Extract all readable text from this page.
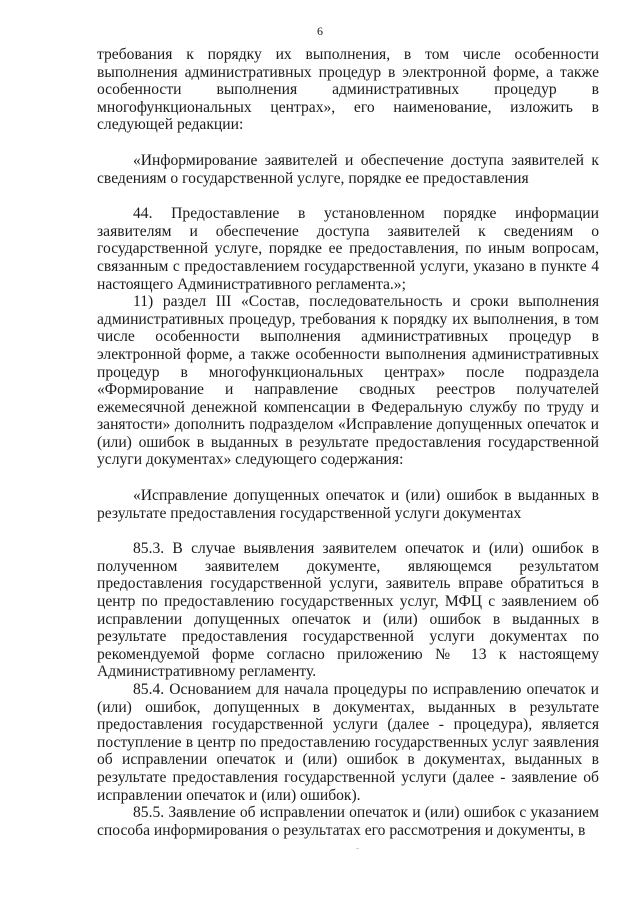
6

требования к порядку их выполнения, в том числе особенности выполнения административных процедур в электронной форме, а также особенности выполнения административных процедур в многофункциональных центрах», его наименование, изложить в следующей редакции:

«Информирование заявителей и обеспечение доступа заявителей к сведениям о государственной услуге, порядке ее предоставления

44. Предоставление в установленном порядке информации заявителям и обеспечение доступа заявителей к сведениям о государственной услуге, порядке ее предоставления, по иным вопросам, связанным с предоставлением государственной услуги, указано в пункте 4 настоящего Административного регламента.»;

11) раздел III «Состав, последовательность и сроки выполнения административных процедур, требования к порядку их выполнения, в том числе особенности выполнения административных процедур в электронной форме, а также особенности выполнения административных процедур в многофункциональных центрах» после подраздела «Формирование и направление сводных реестров получателей ежемесячной денежной компенсации в Федеральную службу по труду и занятости» дополнить подразделом «Исправление допущенных опечаток и (или) ошибок в выданных в результате предоставления государственной услуги документах» следующего содержания:

«Исправление допущенных опечаток и (или) ошибок в выданных в результате предоставления государственной услуги документах

85.3. В случае выявления заявителем опечаток и (или) ошибок в полученном заявителем документе, являющемся результатом предоставления государственной услуги, заявитель вправе обратиться в центр по предоставлению государственных услуг, МФЦ с заявлением об исправлении допущенных опечаток и (или) ошибок в выданных в результате предоставления государственной услуги документах по рекомендуемой форме согласно приложению № 13 к настоящему Административному регламенту.

85.4. Основанием для начала процедуры по исправлению опечаток и (или) ошибок, допущенных в документах, выданных в результате предоставления государственной услуги (далее - процедура), является поступление в центр по предоставлению государственных услуг заявления об исправлении опечаток и (или) ошибок в документах, выданных в результате предоставления государственной услуги (далее - заявление об исправлении опечаток и (или) ошибок).

85.5. Заявление об исправлении опечаток и (или) ошибок с указанием способа информирования о результатах его рассмотрения и документы, в
